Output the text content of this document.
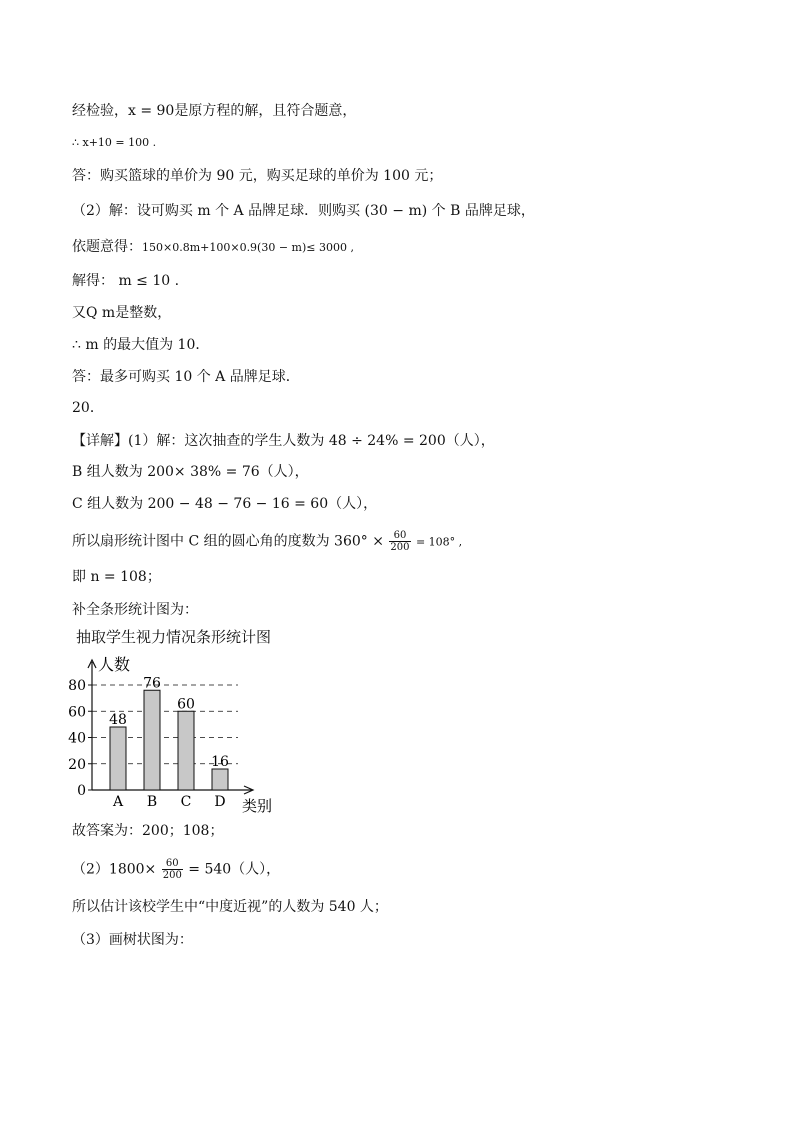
经检验，x = 90是原方程的解，且符合题意，
∴ x+10 = 100 .
答：购买篮球的单价为 90 元，购买足球的单价为 100 元；
（2）解：设可购买 m 个 A 品牌足球．则购买 (30 − m) 个 B 品牌足球，
依题意得：150×0.8m+100×0.9(30 − m)≤ 3000 ,
解得： m ≤ 10 .
又Q m是整数，
∴ m 的最大值为 10．
答：最多可购买 10 个 A 品牌足球．
20．
【详解】(1）解：这次抽查的学生人数为 48 ÷ 24% = 200（人），
B 组人数为 200× 38% = 76（人），
C 组人数为 200 − 48 − 76 − 16 = 60（人），
所以扇形统计图中 C 组的圆心角的度数为 $360^\circ \times \frac{60}{200} = 108^\circ$ ,
即 n = 108；
补全条形统计图为：
抽取学生视力情况条形统计图
人数
类别
0
20
40
60
80
48
A
76
B
60
C
16
D
故答案为：200；108；
$(2)1800\times \frac{60}{200} = 540$（人），
所以估计该校学生中“中度近视”的人数为 540 人；
（3）画树状图为：
